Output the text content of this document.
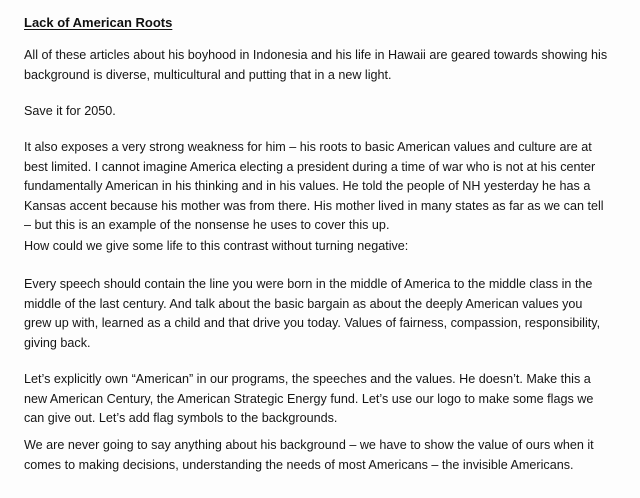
Lack of American Roots

All of these articles about his boyhood in Indonesia and his life in Hawaii are geared towards showing his
background is diverse, multicultural and putting that in a new light.

Save it for 2050.

It also exposes a very strong weakness for him – his roots to basic American values and culture are at
best limited. I cannot imagine America electing a president during a time of war who is not at his center
fundamentally American in his thinking and in his values. He told the people of NH yesterday he has a
Kansas accent because his mother was from there. His mother lived in many states as far as we can tell
– but this is an example of the nonsense he uses to cover this up.

How could we give some life to this contrast without turning negative:

Every speech should contain the line you were born in the middle of America to the middle class in the
middle of the last century. And talk about the basic bargain as about the deeply American values you
grew up with, learned as a child and that drive you today. Values of fairness, compassion, responsibility,
giving back.

Let’s explicitly own “American” in our programs, the speeches and the values. He doesn’t. Make this a
new American Century, the American Strategic Energy fund. Let’s use our logo to make some flags we
can give out. Let’s add flag symbols to the backgrounds.

We are never going to say anything about his background – we have to show the value of ours when it
comes to making decisions, understanding the needs of most Americans – the invisible Americans.
